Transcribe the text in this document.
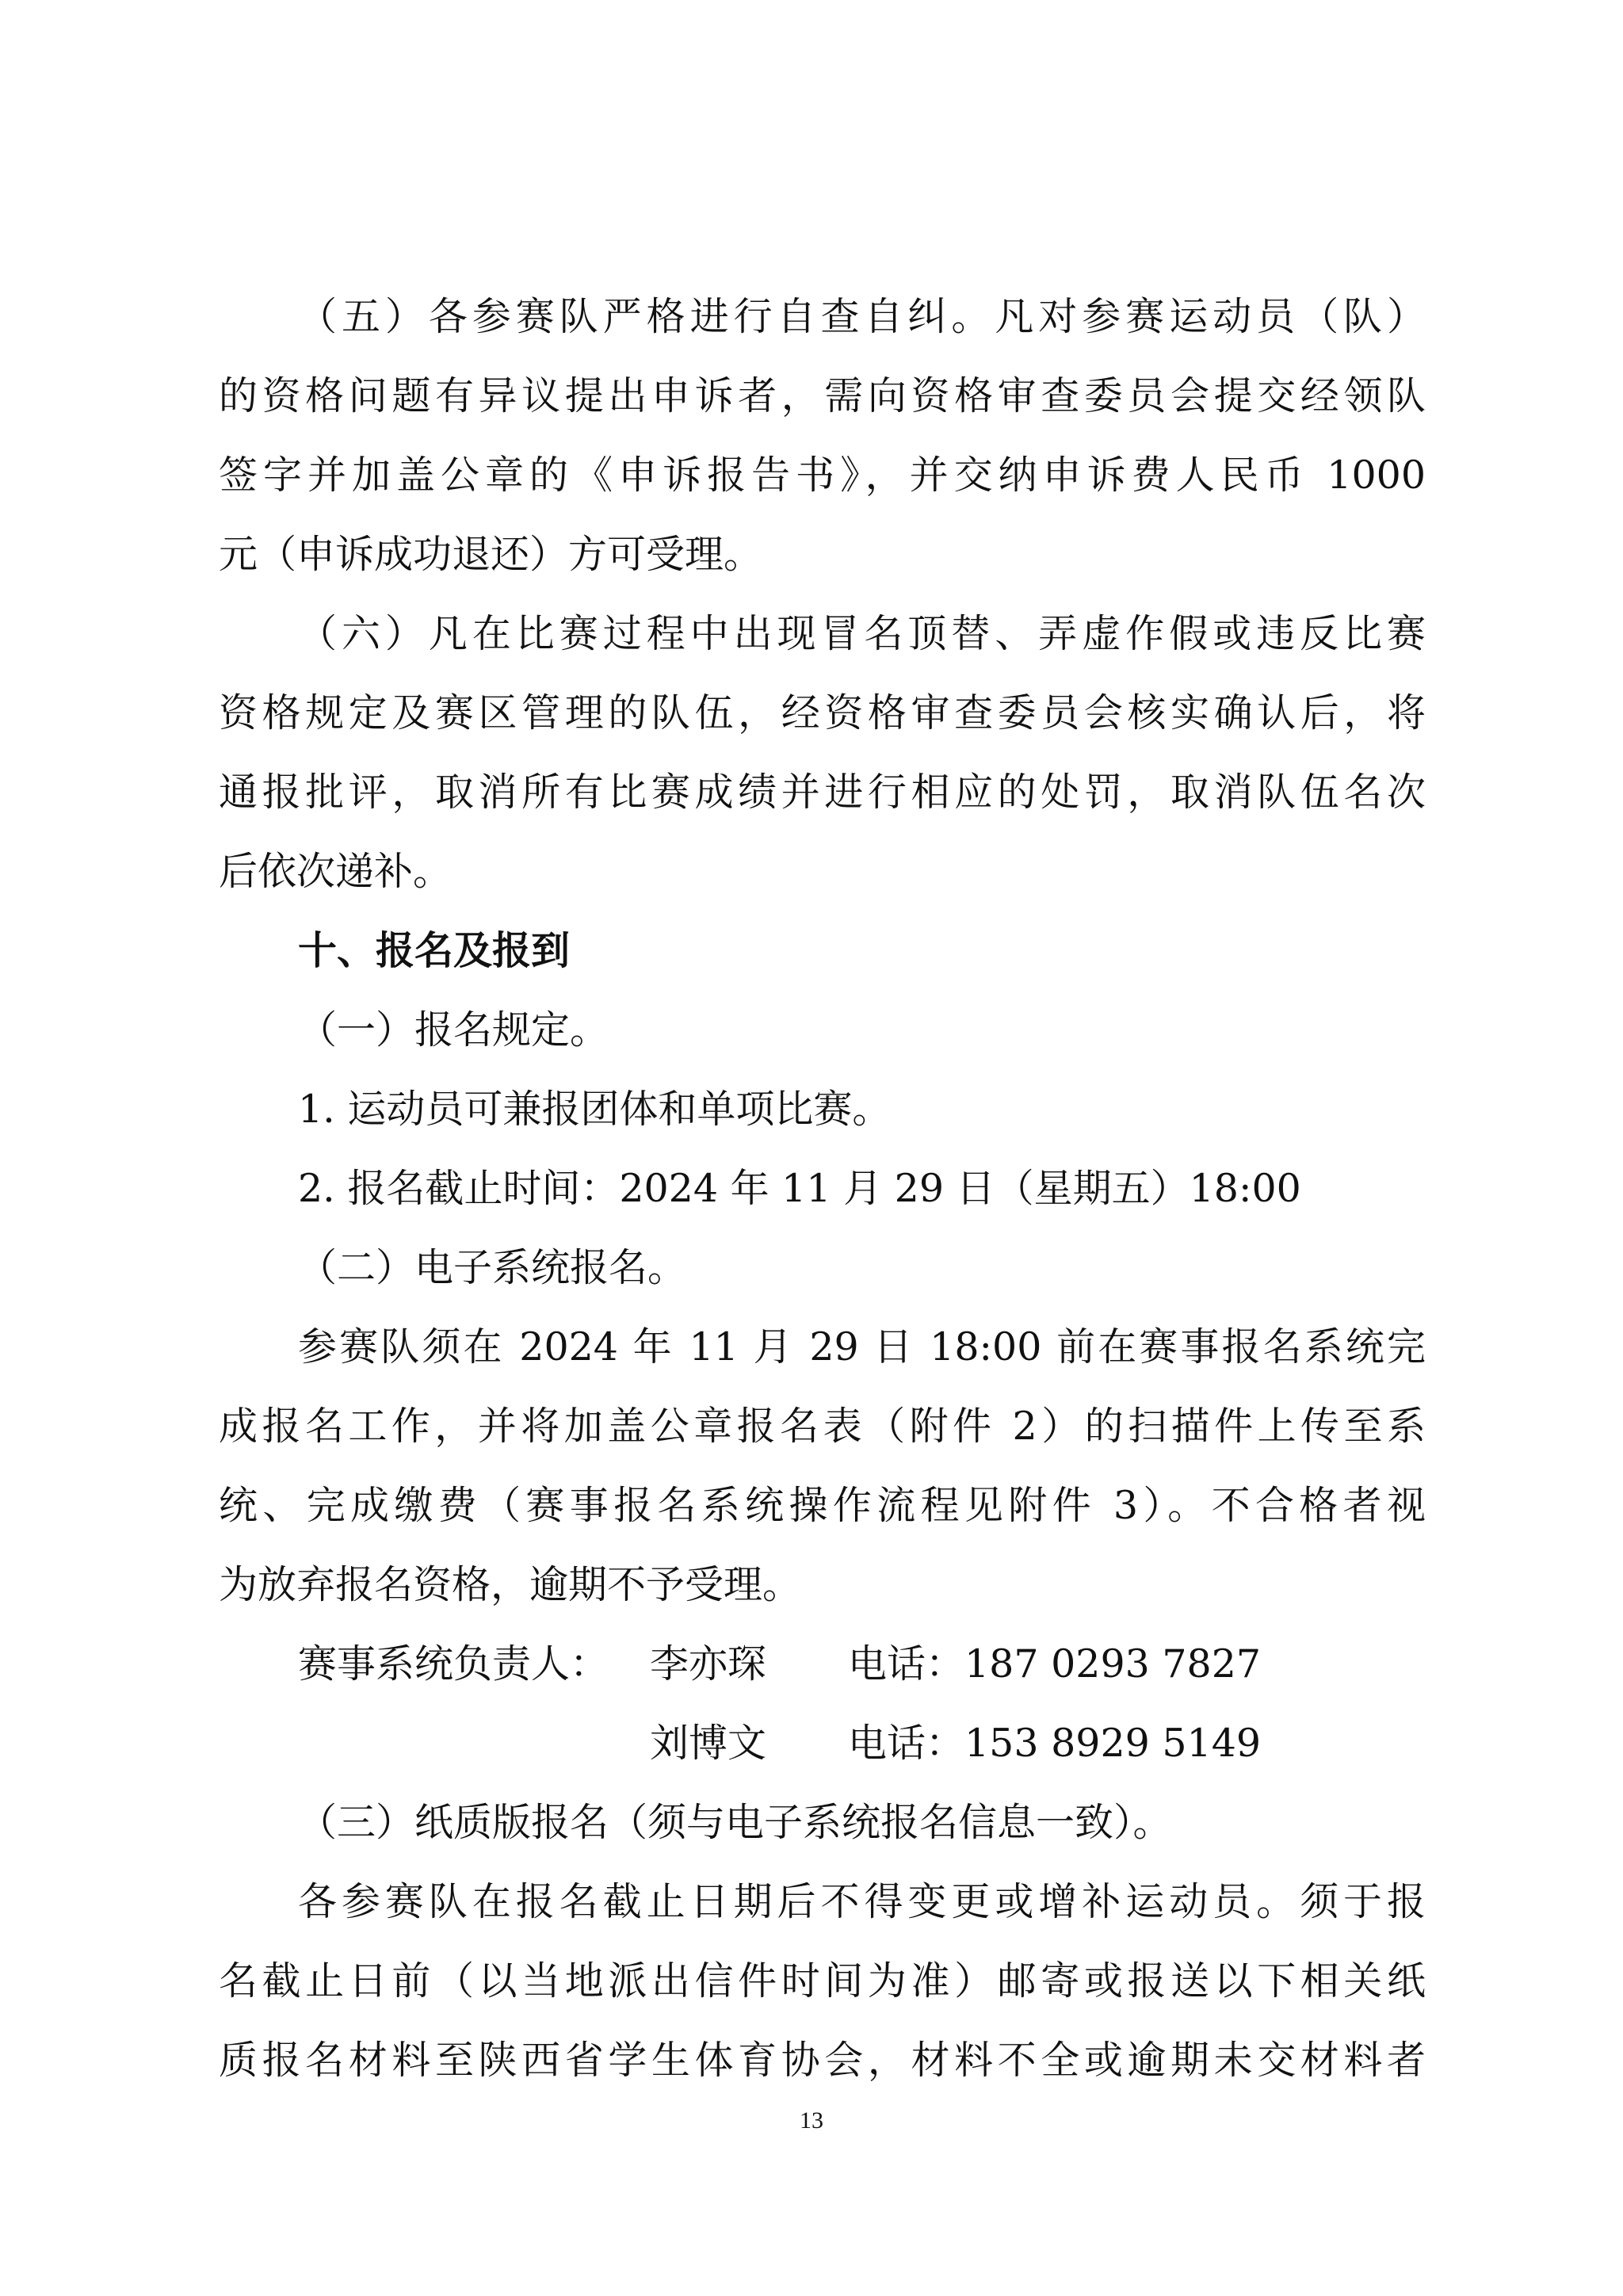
（五）各参赛队严格进行自查自纠。凡对参赛运动员（队）
的资格问题有异议提出申诉者，需向资格审查委员会提交经领队
签字并加盖公章的《申诉报告书》，并交纳申诉费人民币 1000
元（申诉成功退还）方可受理。
（六）凡在比赛过程中出现冒名顶替、弄虚作假或违反比赛
资格规定及赛区管理的队伍，经资格审查委员会核实确认后，将
通报批评，取消所有比赛成绩并进行相应的处罚，取消队伍名次
后依次递补。
十、报名及报到
（一）报名规定。
1. 运动员可兼报团体和单项比赛。
2. 报名截止时间：2024 年 11 月 29 日（星期五）18:00
（二）电子系统报名。
参赛队须在 2024 年 11 月 29 日 18:00 前在赛事报名系统完
成报名工作，并将加盖公章报名表（附件 2）的扫描件上传至系
统、完成缴费（赛事报名系统操作流程见附件 3）。不合格者视
为放弃报名资格，逾期不予受理。
赛事系统负责人： 李亦琛 电话：187 0293 7827
刘博文 电话：153 8929 5149
（三）纸质版报名（须与电子系统报名信息一致）。
各参赛队在报名截止日期后不得变更或增补运动员。须于报
名截止日前（以当地派出信件时间为准）邮寄或报送以下相关纸
质报名材料至陕西省学生体育协会，材料不全或逾期未交材料者
13
